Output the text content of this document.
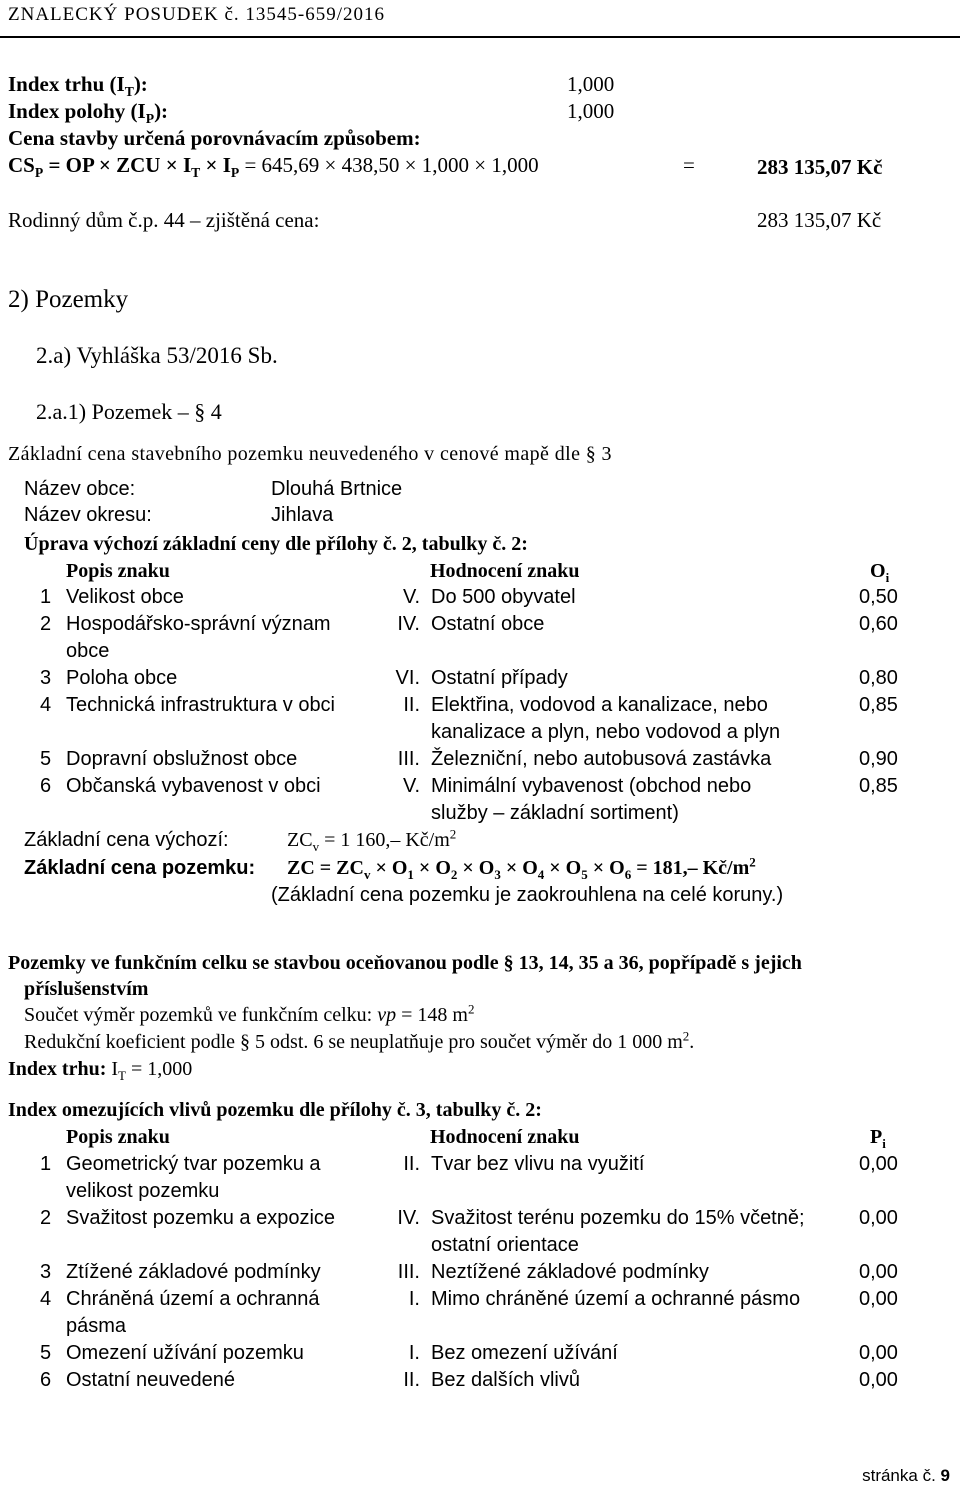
ZNALECKÝ POSUDEK č. 13545-659/2016
Index trhu $(I_T)$:	1,000
Index polohy $(I_P)$:	1,000
Cena stavby určená porovnávacím způsobem:
$CS_P$ = OP × ZCU × $I_T \times I_P = 645,69 \times 438,50 \times 1,000 \times 1,000$	=	283 135,07 Kč
Rodinný dům č.p. 44 – zjištěná cena:	283 135,07 Kč
2) Pozemky
2.a) Vyhláška 53/2016 Sb.
2.a.1) Pozemek – § 4
Základní cena stavebního pozemku neuvedeného v cenové mapě dle § 3
Název obce:	Dlouhá Brtnice
Název okresu:	Jihlava
Úprava výchozí základní ceny dle přílohy č. 2, tabulky č. 2:
Popis znaku	Hodnocení znaku	$O_i$
1 Velikost obce	V. Do 500 obyvatel	0,50
2 Hospodářsko-správní význam
obce
IV. Ostatní obce	0,60
3 Poloha obce	VI. Ostatní případy	0,80
4 Technická infrastruktura v obci	II. Elektřina, vodovod a kanalizace, nebo
kanalizace a plyn, nebo vodovod a plyn
0,85
5 Dopravní obslužnost obce	III. Železniční, nebo autobusová zastávka	0,90
6 Občanská vybavenost v obci	V. Minimální vybavenost (obchod nebo
služby – základní sortiment)
0,85
Základní cena výchozí:	$ZC_v = 1$ 160,– $Kč/m^2$
Základní cena pozemku: ZC = $ZC_v \times O_1 \times O_2 \times O_3 \times O_4 \times O_5 \times O_6 = 181,-$ $Kč/m^2$
(Základní cena pozemku je zaokrouhlena na celé koruny.)
Pozemky ve funkčním celku se stavbou oceňovanou podle § 13, 14, 35 a 36, popřípadě s jejich
příslušenstvím
Součet výměr pozemků ve funkčním celku: vp = 148 $m^2$
Redukční koeficient podle § 5 odst. 6 se neuplatňuje pro součet výměr do 1 000 $m^2$.
Index trhu: $I_T = 1,000$
Index omezujících vlivů pozemku dle přílohy č. 3, tabulky č. 2:
Popis znaku	Hodnocení znaku	$P_i$
1 Geometrický tvar pozemku a
velikost pozemku
II. Tvar bez vlivu na využití	0,00
2 Svažitost pozemku a expozice	IV. Svažitost terénu pozemku do 15% včetně;
ostatní orientace
0,00
3 Ztížené základové podmínky	III. Neztížené základové podmínky	0,00
4 Chráněná území a ochranná
pásma
I. Mimo chráněné území a ochranné pásmo	0,00
5 Omezení užívání pozemku	I. Bez omezení užívání	0,00
6 Ostatní neuvedené	II. Bez dalších vlivů	0,00
stránka č. 9
